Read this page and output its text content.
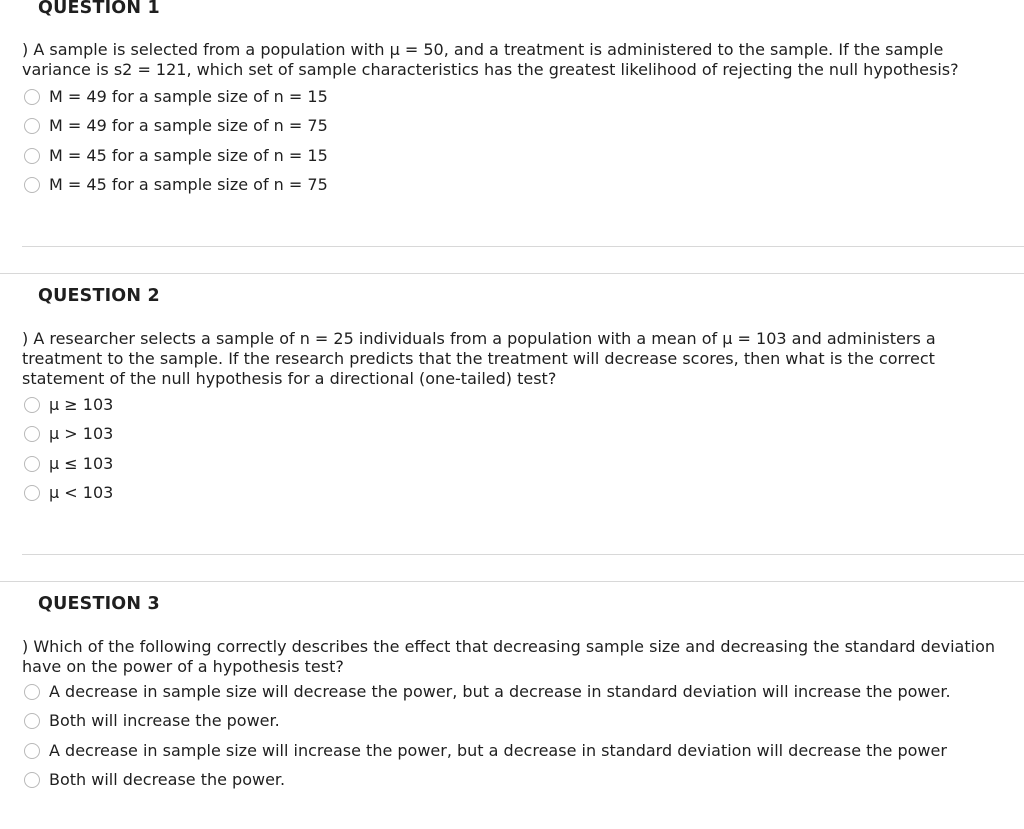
QUESTION 1
) A sample is selected from a population with μ = 50, and a treatment is administered to the sample. If the sample variance is s2 = 121, which set of sample characteristics has the greatest likelihood of rejecting the null hypothesis?
M = 49 for a sample size of n = 15
M = 49 for a sample size of n = 75
M = 45 for a sample size of n = 15
M = 45 for a sample size of n = 75
QUESTION 2
) A researcher selects a sample of n = 25 individuals from a population with a mean of μ = 103 and administers a treatment to the sample. If the research predicts that the treatment will decrease scores, then what is the correct statement of the null hypothesis for a directional (one-tailed) test?
μ ≥ 103
μ > 103
μ ≤ 103
μ < 103
QUESTION 3
) Which of the following correctly describes the effect that decreasing sample size and decreasing the standard deviation have on the power of a hypothesis test?
A decrease in sample size will decrease the power, but a decrease in standard deviation will increase the power.
Both will increase the power.
A decrease in sample size will increase the power, but a decrease in standard deviation will decrease the power
Both will decrease the power.
